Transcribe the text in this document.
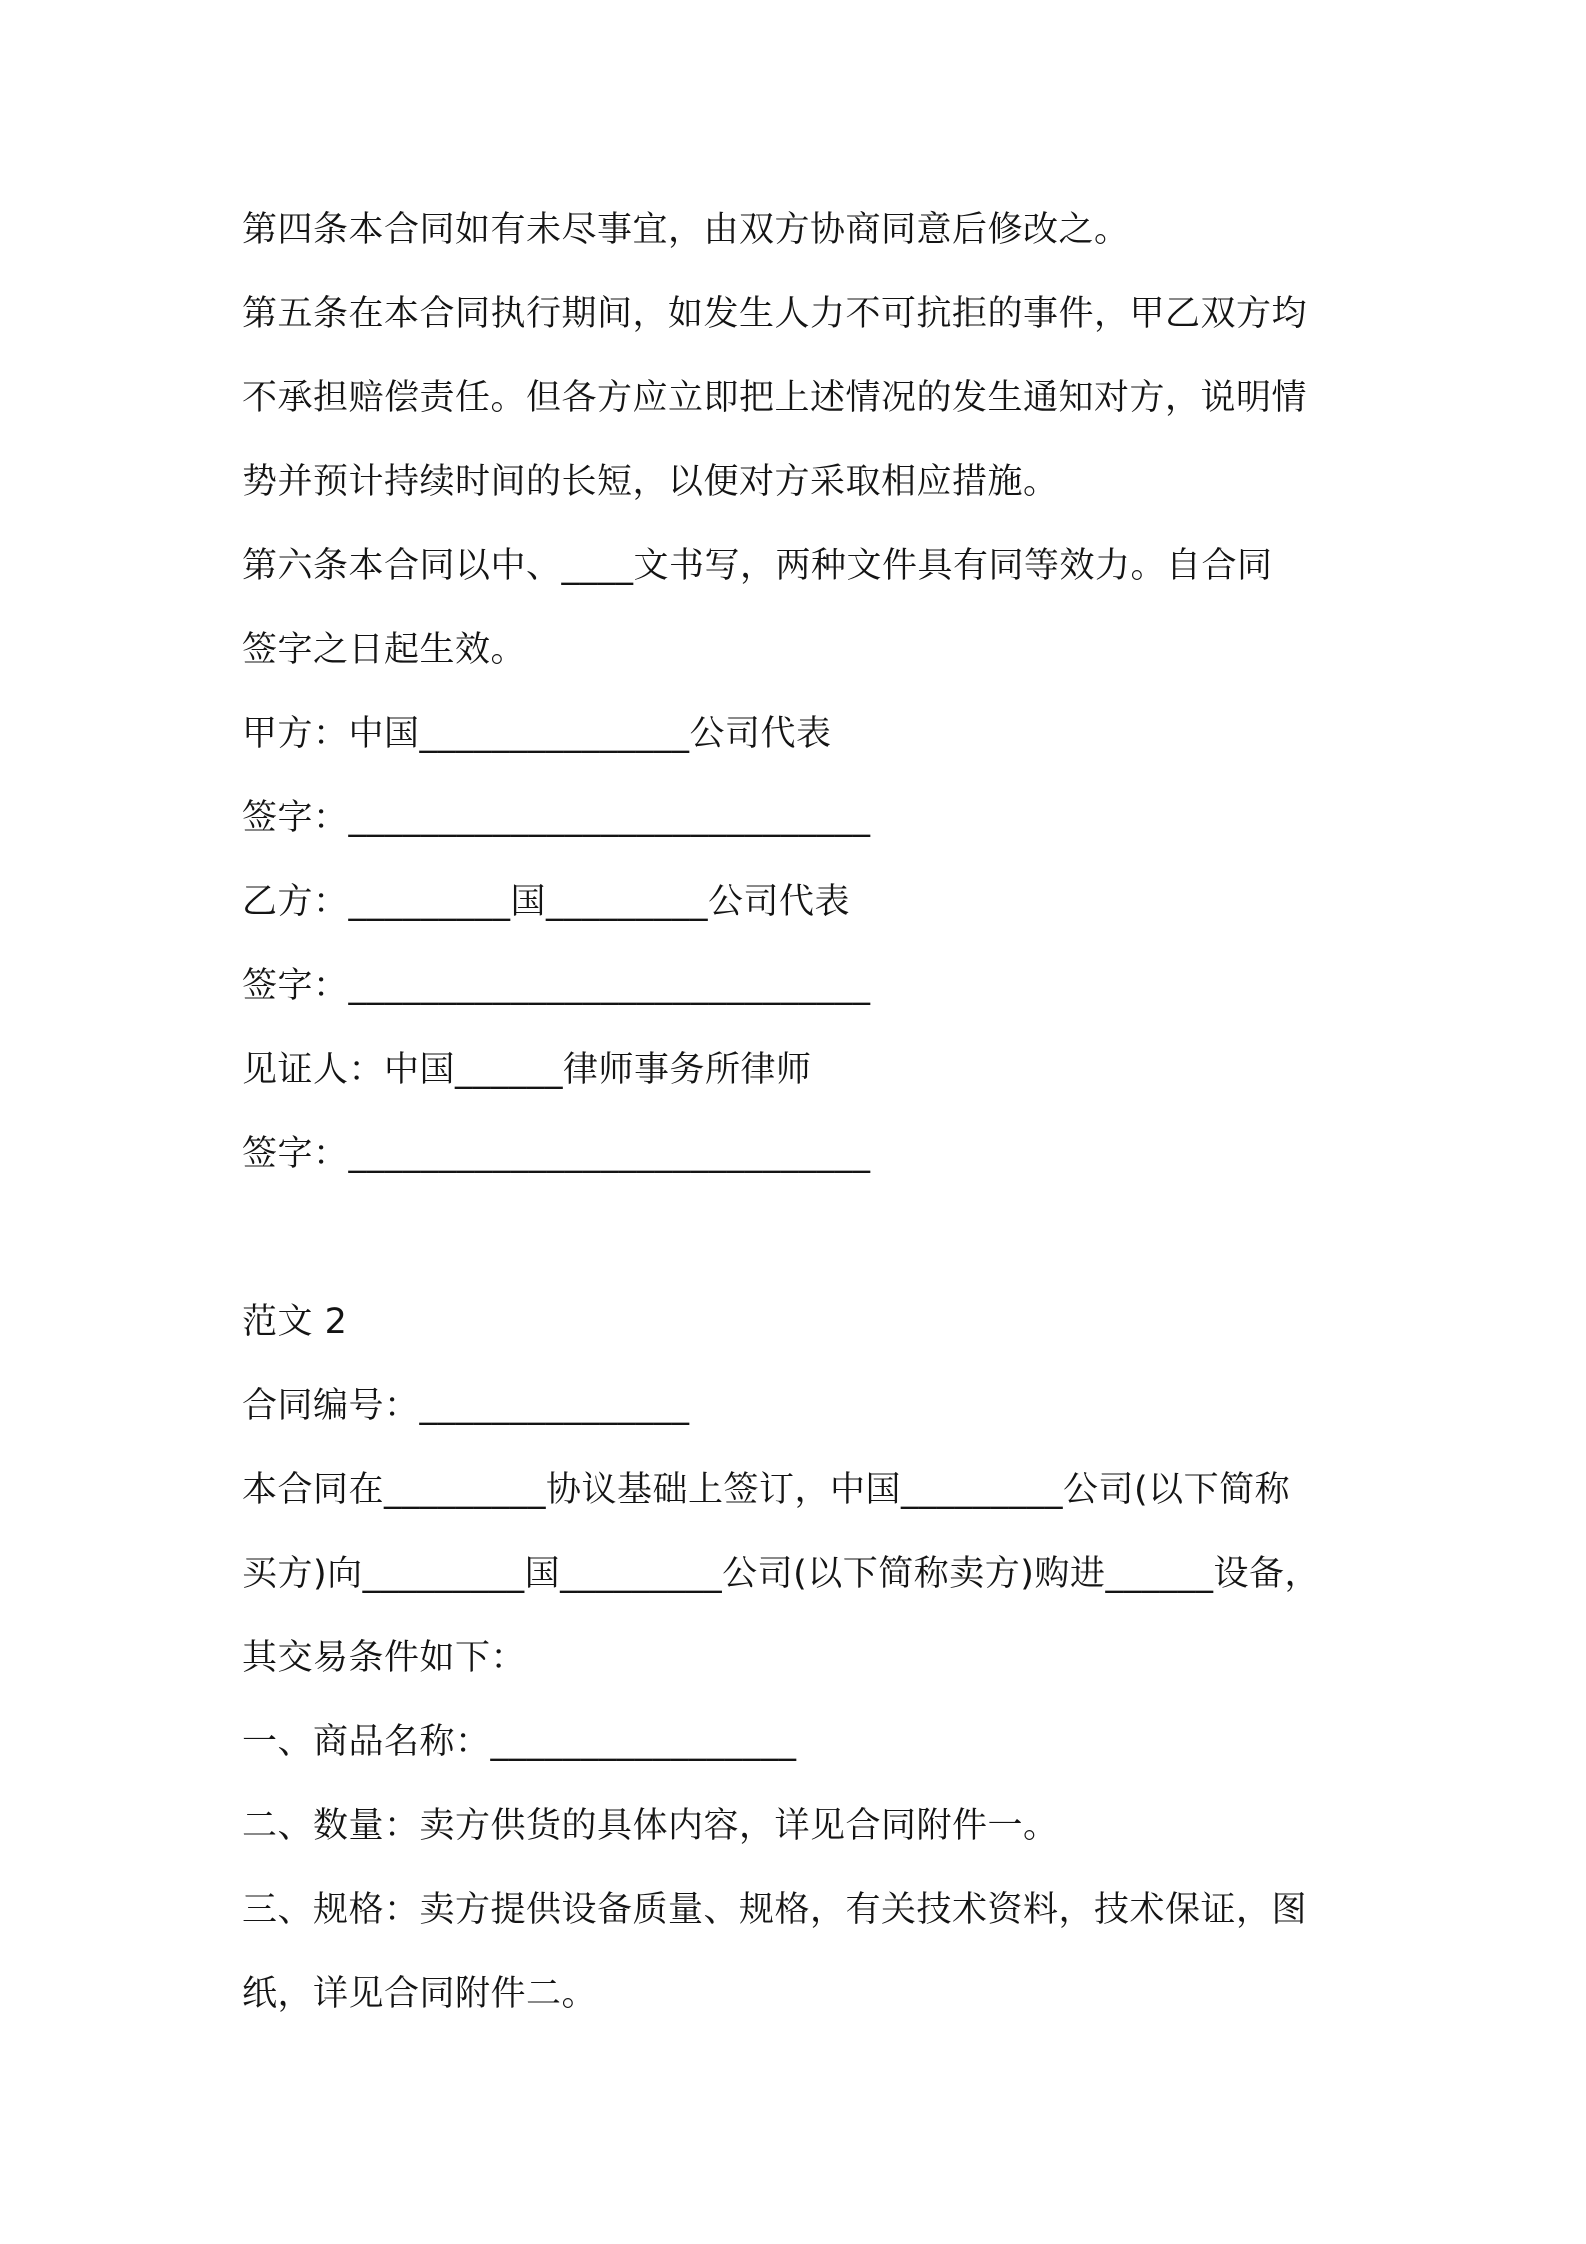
第四条本合同如有未尽事宜，由双方协商同意后修改之。

第五条在本合同执行期间，如发生人力不可抗拒的事件，甲乙双方均

不承担赔偿责任。但各方应立即把上述情况的发生通知对方，说明情

势并预计持续时间的长短，以便对方采取相应措施。

第六条本合同以中、____文书写，两种文件具有同等效力。自合同

签字之日起生效。

甲方：中国_______________公司代表

签字：_____________________________

乙方：_________国_________公司代表

签字：_____________________________

见证人：中国______律师事务所律师

签字：_____________________________

范文 2

合同编号：_______________

本合同在_________协议基础上签订，中国_________公司(以下简称

买方)向_________国_________公司(以下简称卖方)购进______设备，

其交易条件如下：

一、商品名称：_________________

二、数量：卖方供货的具体内容，详见合同附件一。

三、规格：卖方提供设备质量、规格，有关技术资料，技术保证，图

纸，详见合同附件二。
